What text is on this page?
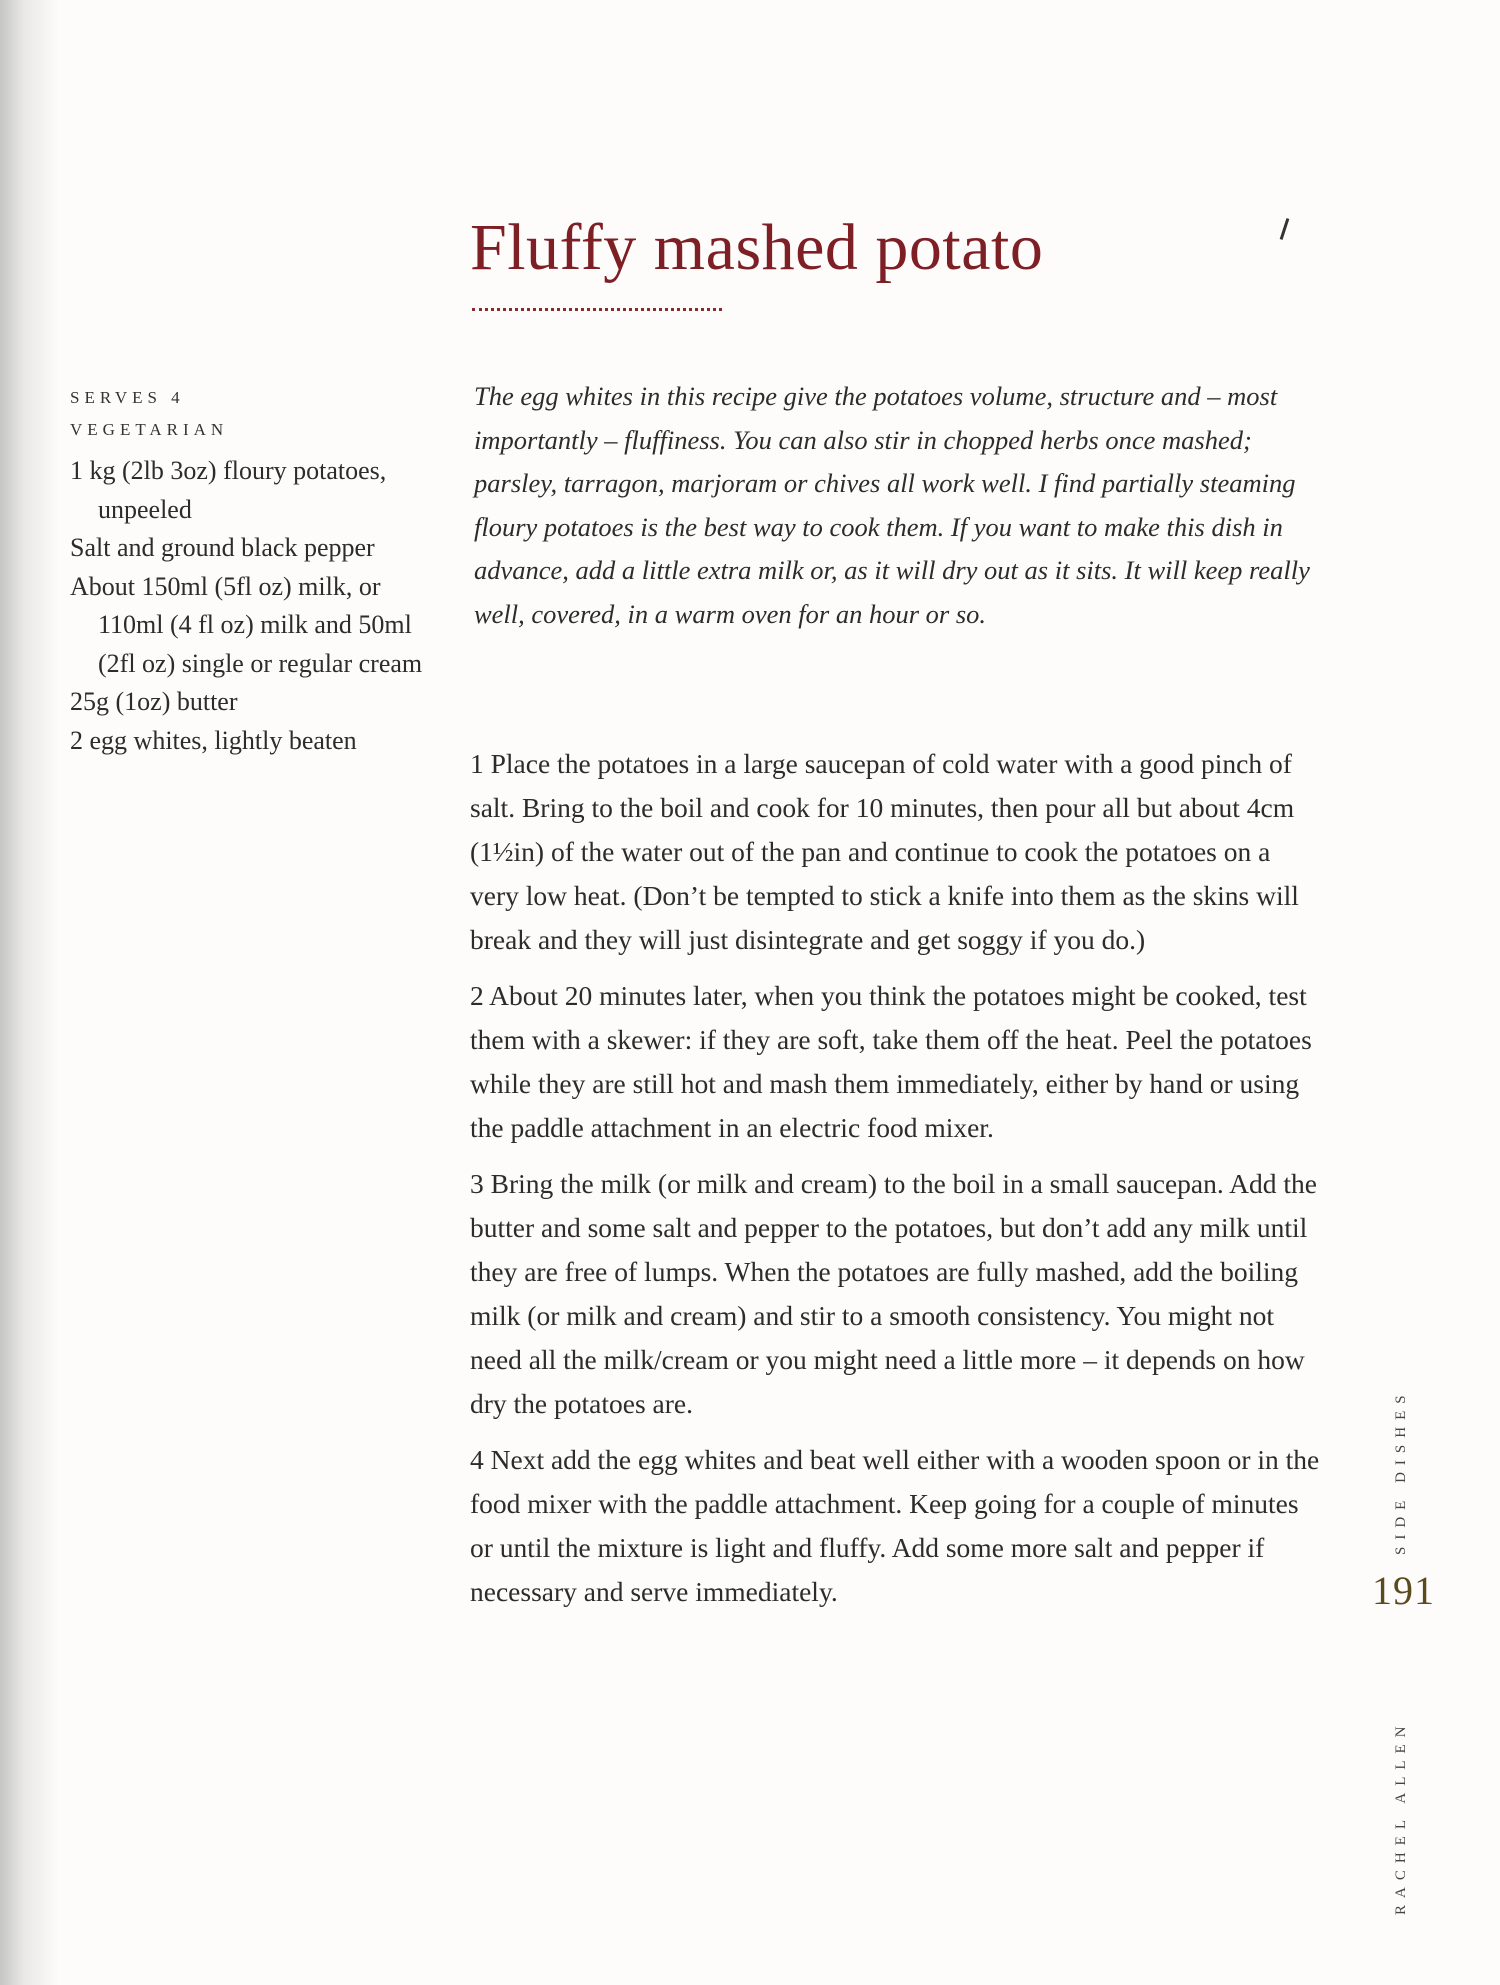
Fluffy mashed potato

SERVES 4

VEGETARIAN

1 kg (2lb 3oz) floury potatoes, unpeeled
Salt and ground black pepper
About 150ml (5fl oz) milk, or 110ml (4 fl oz) milk and 50ml (2fl oz) single or regular cream
25g (1oz) butter
2 egg whites, lightly beaten

The egg whites in this recipe give the potatoes volume, structure and – most importantly – fluffiness. You can also stir in chopped herbs once mashed; parsley, tarragon, marjoram or chives all work well. I find partially steaming floury potatoes is the best way to cook them. If you want to make this dish in advance, add a little extra milk or, as it will dry out as it sits. It will keep really well, covered, in a warm oven for an hour or so.

1 Place the potatoes in a large saucepan of cold water with a good pinch of salt. Bring to the boil and cook for 10 minutes, then pour all but about 4cm (1½in) of the water out of the pan and continue to cook the potatoes on a very low heat. (Don’t be tempted to stick a knife into them as the skins will break and they will just disintegrate and get soggy if you do.)

2 About 20 minutes later, when you think the potatoes might be cooked, test them with a skewer: if they are soft, take them off the heat. Peel the potatoes while they are still hot and mash them immediately, either by hand or using the paddle attachment in an electric food mixer.

3 Bring the milk (or milk and cream) to the boil in a small saucepan. Add the butter and some salt and pepper to the potatoes, but don’t add any milk until they are free of lumps. When the potatoes are fully mashed, add the boiling milk (or milk and cream) and stir to a smooth consistency. You might not need all the milk/cream or you might need a little more – it depends on how dry the potatoes are.

4 Next add the egg whites and beat well either with a wooden spoon or in the food mixer with the paddle attachment. Keep going for a couple of minutes or until the mixture is light and fluffy. Add some more salt and pepper if necessary and serve immediately.

SIDE DISHES
RACHEL ALLEN

191
